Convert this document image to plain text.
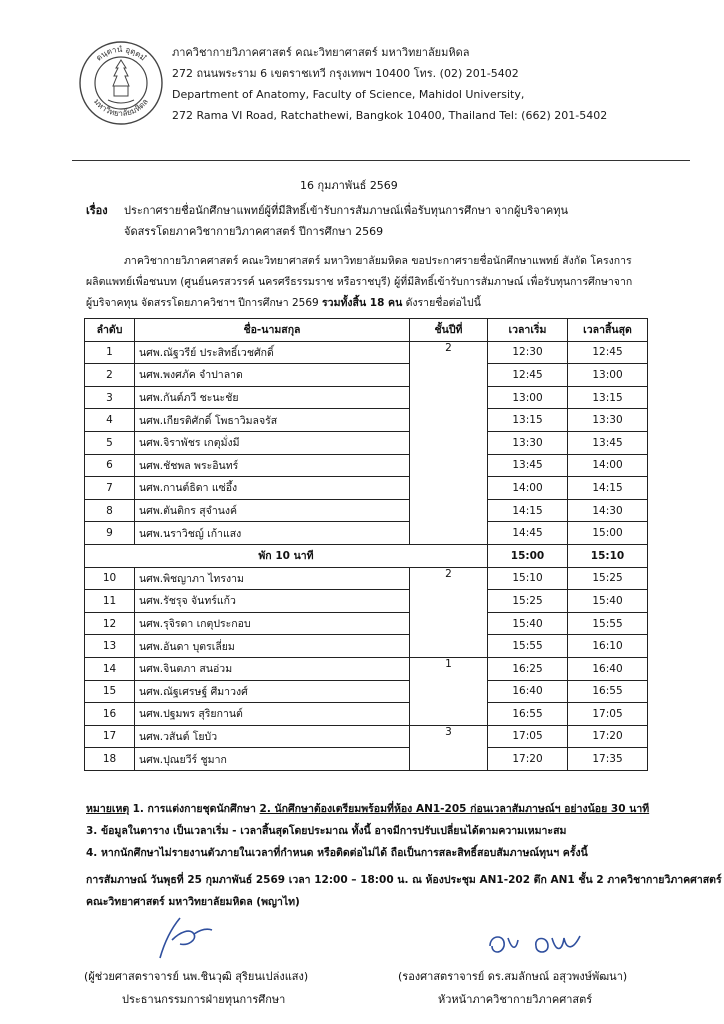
ดนฺตานํ อุตฺตมํ
มหาวิทยาลัยมหิดล
ภาควิชากายวิภาคศาสตร์ คณะวิทยาศาสตร์ มหาวิทยาลัยมหิดล
272 ถนนพระราม 6 เขตราชเทวี กรุงเทพฯ 10400 โทร. (02) 201-5402
Department of Anatomy, Faculty of Science, Mahidol University,
272 Rama VI Road, Ratchathewi, Bangkok 10400, Thailand Tel: (662) 201-5402
16 กุมภาพันธ์ 2569
เรื่อง ประกาศรายชื่อนักศึกษาแพทย์ผู้ที่มีสิทธิ์เข้ารับการสัมภาษณ์เพื่อรับทุนการศึกษา จากผู้บริจาคทุน
จัดสรรโดยภาควิชากายวิภาคศาสตร์ ปีการศึกษา 2569
ภาควิชากายวิภาคศาสตร์ คณะวิทยาศาสตร์ มหาวิทยาลัยมหิดล ขอประกาศรายชื่อนักศึกษาแพทย์ สังกัด โครงการ
ผลิตแพทย์เพื่อชนบท (ศูนย์นครสวรรค์ นครศรีธรรมราช หรือราชบุรี) ผู้ที่มีสิทธิ์เข้ารับการสัมภาษณ์ เพื่อรับทุนการศึกษาจาก
ผู้บริจาคทุน จัดสรรโดยภาควิชาฯ ปีการศึกษา 2569 รวมทั้งสิ้น 18 คน ดังรายชื่อต่อไปนี้
ลำดับ	ชื่อ-นามสกุล	ชั้นปีที่	เวลาเริ่ม	เวลาสิ้นสุด
1	นศพ.ณัฐวรีย์ ประสิทธิ์เวชศักดิ์	2	12:30	12:45
2	นศพ.พงศภัค จำปาลาด		12:45	13:00
3	นศพ.กันต์ภวี ชะนะชัย		13:00	13:15
4	นศพ.เกียรติศักดิ์ โพธาวิมลจรัส		13:15	13:30
5	นศพ.จิราพัชร เกตุมั่งมี		13:30	13:45
6	นศพ.ชัชพล พระอินทร์		13:45	14:00
7	นศพ.กานต์ธิดา แซ่อึ้ง		14:00	14:15
8	นศพ.ตันติกร สุจำนงค์		14:15	14:30
9	นศพ.นราวิชญ์ เก้าแสง		14:45	15:00
พัก 10 นาที			15:00	15:10
10	นศพ.พิชญาภา ไทรงาม	2	15:10	15:25
11	นศพ.รัชรุจ จันทร์แก้ว		15:25	15:40
12	นศพ.รุจิรดา เกตุประกอบ		15:40	15:55
13	นศพ.อันดา บุตรเลี่ยม		15:55	16:10
14	นศพ.จินตภา สนอ่วม	1	16:25	16:40
15	นศพ.ณัฐเศรษฐ์ ศีมาวงศ์		16:40	16:55
16	นศพ.ปฐมพร สุริยกานต์		16:55	17:05
17	นศพ.วสันต์ โยบัว	3	17:05	17:20
18	นศพ.ปุณยวีร์ ชูมาก		17:20	17:35
หมายเหตุ 1. การแต่งกายชุดนักศึกษา 2. นักศึกษาต้องเตรียมพร้อมที่ห้อง AN1-205 ก่อนเวลาสัมภาษณ์ฯ อย่างน้อย 30 นาที
3. ข้อมูลในตาราง เป็นเวลาเริ่ม - เวลาสิ้นสุดโดยประมาณ ทั้งนี้ อาจมีการปรับเปลี่ยนได้ตามความเหมาะสม
4. หากนักศึกษาไม่รายงานตัวภายในเวลาที่กำหนด หรือติดต่อไม่ได้ ถือเป็นการสละสิทธิ์สอบสัมภาษณ์ทุนฯ ครั้งนี้
การสัมภาษณ์ วันพุธที่ 25 กุมภาพันธ์ 2569 เวลา 12:00 – 18:00 น. ณ ห้องประชุม AN1-202 ตึก AN1 ชั้น 2 ภาควิชากายวิภาคศาสตร์
คณะวิทยาศาสตร์ มหาวิทยาลัยมหิดล (พญาไท)
(ผู้ช่วยศาสตราจารย์ นพ.ชินวุฒิ สุริยนเปล่งแสง)
ประธานกรรมการฝ่ายทุนการศึกษา
(รองศาสตราจารย์ ดร.สมลักษณ์ อสุวพงษ์พัฒนา)
หัวหน้าภาควิชากายวิภาคศาสตร์
